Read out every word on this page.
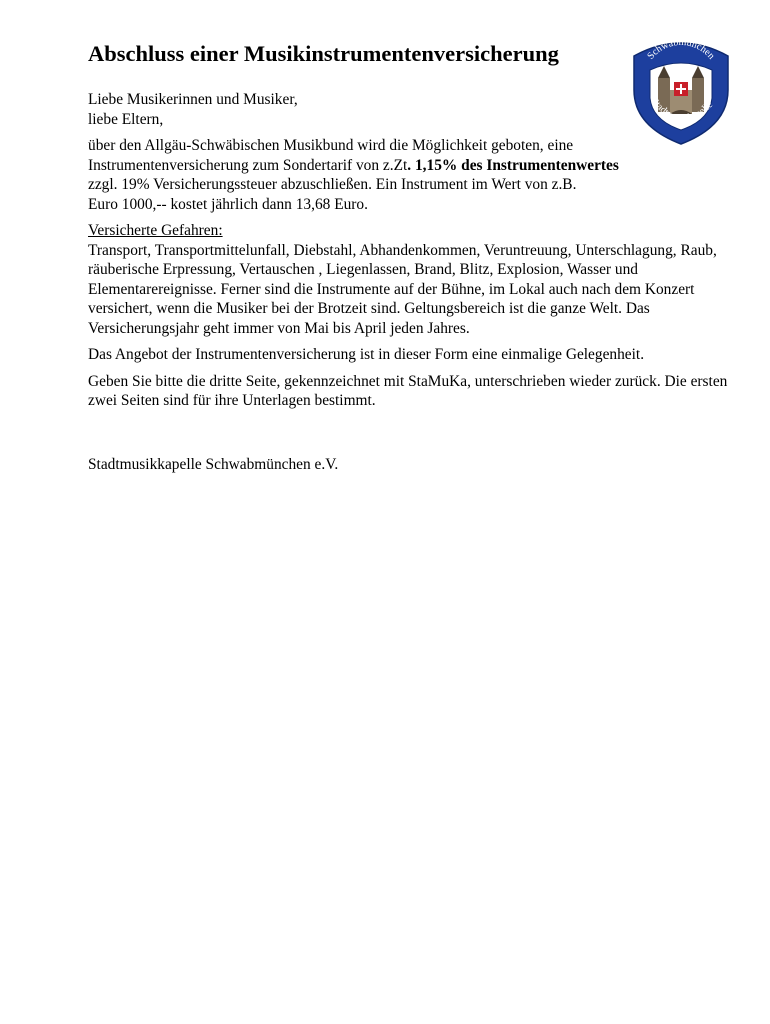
Abschluss einer Musikinstrumentenversicherung
Liebe Musikerinnen und Musiker,
liebe Eltern,
über den Allgäu-Schwäbischen Musikbund wird die Möglichkeit geboten, eine Instrumentenversicherung zum Sondertarif von z.Zt. 1,15% des Instrumentenwertes
zzgl. 19% Versicherungssteuer abzuschließen. Ein Instrument im Wert von z.B.
Euro 1000,-- kostet jährlich dann 13,68 Euro.
Versicherte Gefahren:
Transport, Transportmittelunfall, Diebstahl, Abhandenkommen, Veruntreuung, Unterschlagung, Raub, räuberische Erpressung, Vertauschen , Liegenlassen, Brand, Blitz, Explosion, Wasser und Elementarereignisse. Ferner sind die Instrumente auf der Bühne, im Lokal auch nach dem Konzert versichert, wenn die Musiker bei der Brotzeit sind. Geltungsbereich ist die ganze Welt. Das Versicherungsjahr geht immer von Mai bis April jeden Jahres.
Das Angebot der Instrumentenversicherung ist in dieser Form eine einmalige Gelegenheit.
Geben Sie bitte die dritte Seite, gekennzeichnet mit StaMuKa, unterschrieben wieder zurück. Die ersten zwei Seiten sind für ihre Unterlagen bestimmt.
Stadtmusikkapelle Schwabmünchen e.V.
Schwabmünchen
Stadtmusikkapelle
